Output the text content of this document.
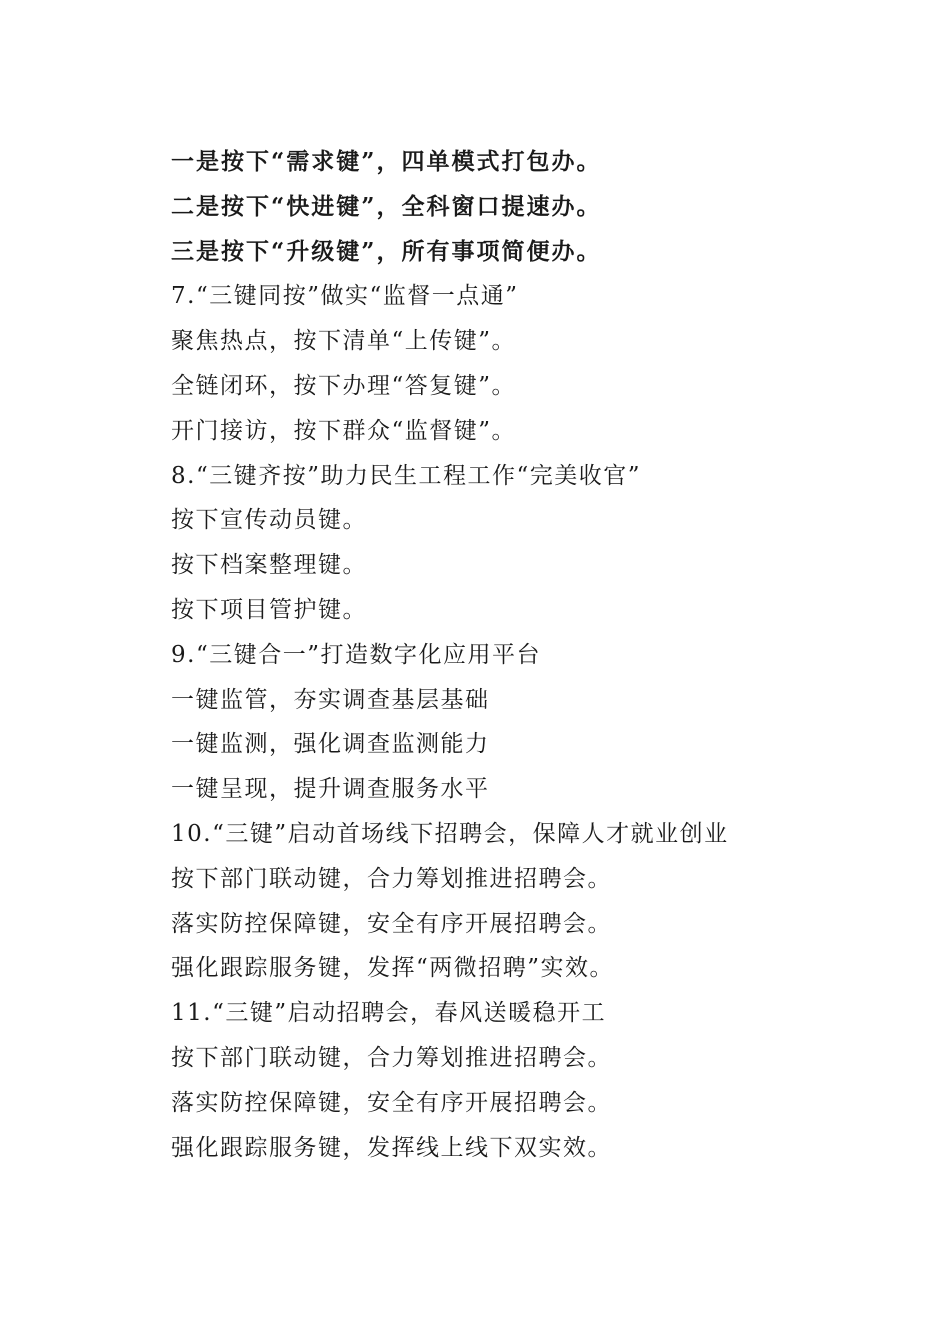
一是按下“需求键”，四单模式打包办。
二是按下“快进键”，全科窗口提速办。
三是按下“升级键”，所有事项简便办。
7.“三键同按”做实“监督一点通”
聚焦热点，按下清单“上传键”。
全链闭环，按下办理“答复键”。
开门接访，按下群众“监督键”。
8.“三键齐按”助力民生工程工作“完美收官”
按下宣传动员键。
按下档案整理键。
按下项目管护键。
9.“三键合一”打造数字化应用平台
一键监管，夯实调查基层基础
一键监测，强化调查监测能力
一键呈现，提升调查服务水平
10.“三键”启动首场线下招聘会，保障人才就业创业
按下部门联动键，合力筹划推进招聘会。
落实防控保障键，安全有序开展招聘会。
强化跟踪服务键，发挥“两微招聘”实效。
11.“三键”启动招聘会，春风送暖稳开工
按下部门联动键，合力筹划推进招聘会。
落实防控保障键，安全有序开展招聘会。
强化跟踪服务键，发挥线上线下双实效。
